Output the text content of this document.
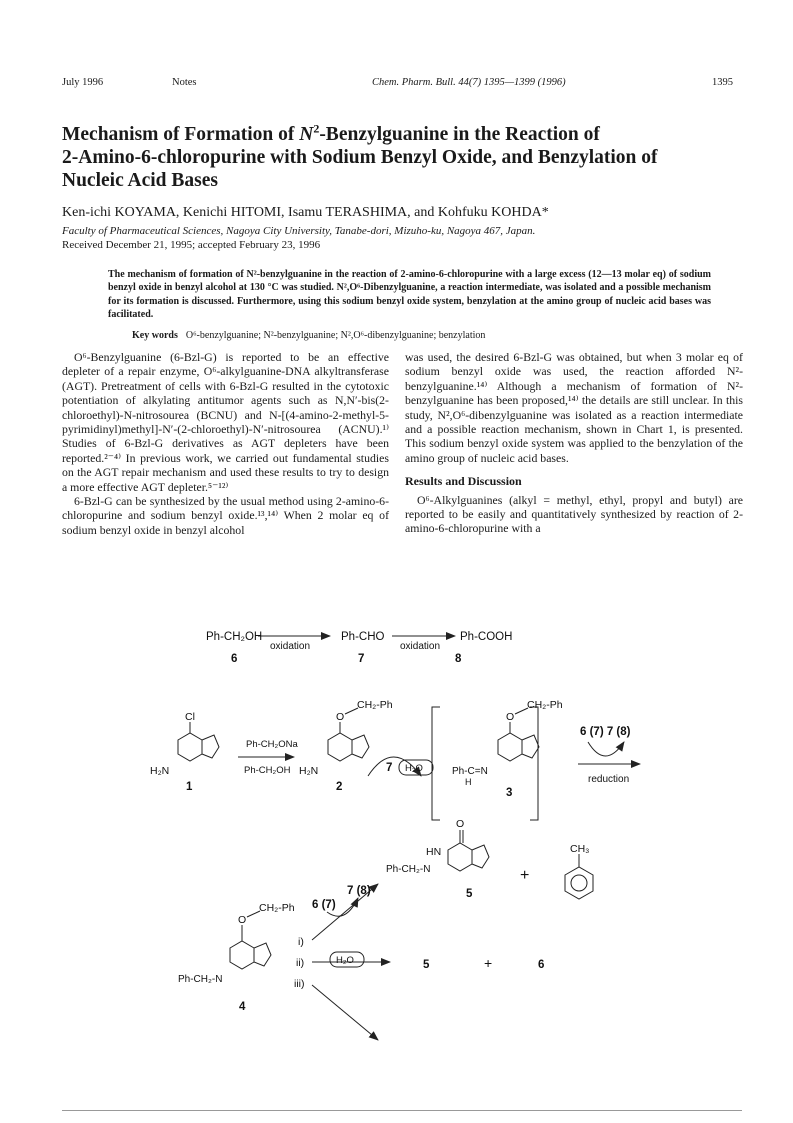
July 1996	Notes	Chem. Pharm. Bull. 44(7) 1395—1399 (1996)	1395
Mechanism of Formation of $N^2$-Benzylguanine in the Reaction of
2-Amino-6-chloropurine with Sodium Benzyl Oxide, and Benzylation of
Nucleic Acid Bases
Ken-ichi KOYAMA, Kenichi HITOMI, Isamu TERASHIMA, and Kohfuku KOHDA*
Faculty of Pharmaceutical Sciences, Nagoya City University, Tanabe-dori, Mizuho-ku, Nagoya 467, Japan.
Received December 21, 1995; accepted February 23, 1996
The mechanism of formation of N²-benzylguanine in the reaction of 2-amino-6-chloropurine with a large excess (12—13 molar eq) of sodium benzyl oxide in benzyl alcohol at 130 °C was studied. N²,O⁶-Dibenzylguanine, a reaction intermediate, was isolated and a possible mechanism for its formation is discussed. Furthermore, using this sodium benzyl oxide system, benzylation at the amino group of nucleic acid bases was facilitated.
Key words O⁶-benzylguanine; N²-benzylguanine; N²,O⁶-dibenzylguanine; benzylation

O⁶-Benzylguanine (6-Bzl-G) is reported to be an effective depleter of a repair enzyme, O⁶-alkylguanine-DNA alkyltransferase (AGT). Pretreatment of cells with 6-Bzl-G resulted in the cytotoxic potentiation of alkylating antitumor agents such as N,N′-bis(2-chloroethyl)-N-nitrosourea (BCNU) and N-[(4-amino-2-methyl-5-pyrimidinyl)methyl]-N′-(2-chloroethyl)-N′-nitrosourea (ACNU).¹⁾ Studies of 6-Bzl-G derivatives as AGT depleters have been reported.²⁻⁴⁾ In previous work, we carried out fundamental studies on the AGT repair mechanism and used these results to try to design a more effective AGT depleter.⁵⁻¹²⁾

6-Bzl-G can be synthesized by the usual method using 2-amino-6-chloropurine and sodium benzyl oxide.¹³,¹⁴⁾ When 2 molar eq of sodium benzyl oxide in benzyl alcohol

was used, the desired 6-Bzl-G was obtained, but when 3 molar eq of sodium benzyl oxide was used, the reaction afforded N²-benzylguanine.¹⁴⁾ Although a mechanism of formation of N²-benzylguanine has been proposed,¹⁴⁾ the details are still unclear. In this study, N²,O⁶-dibenzylguanine was isolated as a reaction intermediate and a possible reaction mechanism, shown in Chart 1, is presented. This sodium benzyl oxide system was applied to the benzylation of the amino group of nucleic acid bases.

Results and Discussion

O⁶-Alkylguanines (alkyl = methyl, ethyl, propyl and butyl) are reported to be easily and quantitatively synthesized by reaction of 2-amino-6-chloropurine with a

Ph-CH₂OH	Ph-CHO	Ph-COOH
oxidation	oxidation
6	7	8
Cl
H₂N
1
Ph-CH₂ONa
Ph-CH₂OH H₂N
O
CH₂-Ph
2
7 H₂O	Ph-C=N
H
3
O
CH₂-Ph
6 (7) 7 (8)
reduction
O
HN
Ph-CH₂-N
5
+
CH₃
6 (7)
7 (8)
O
CH₂-Ph
Ph-CH₂-N
4
i)
ii)
iii)
H₂O	5	+	6
